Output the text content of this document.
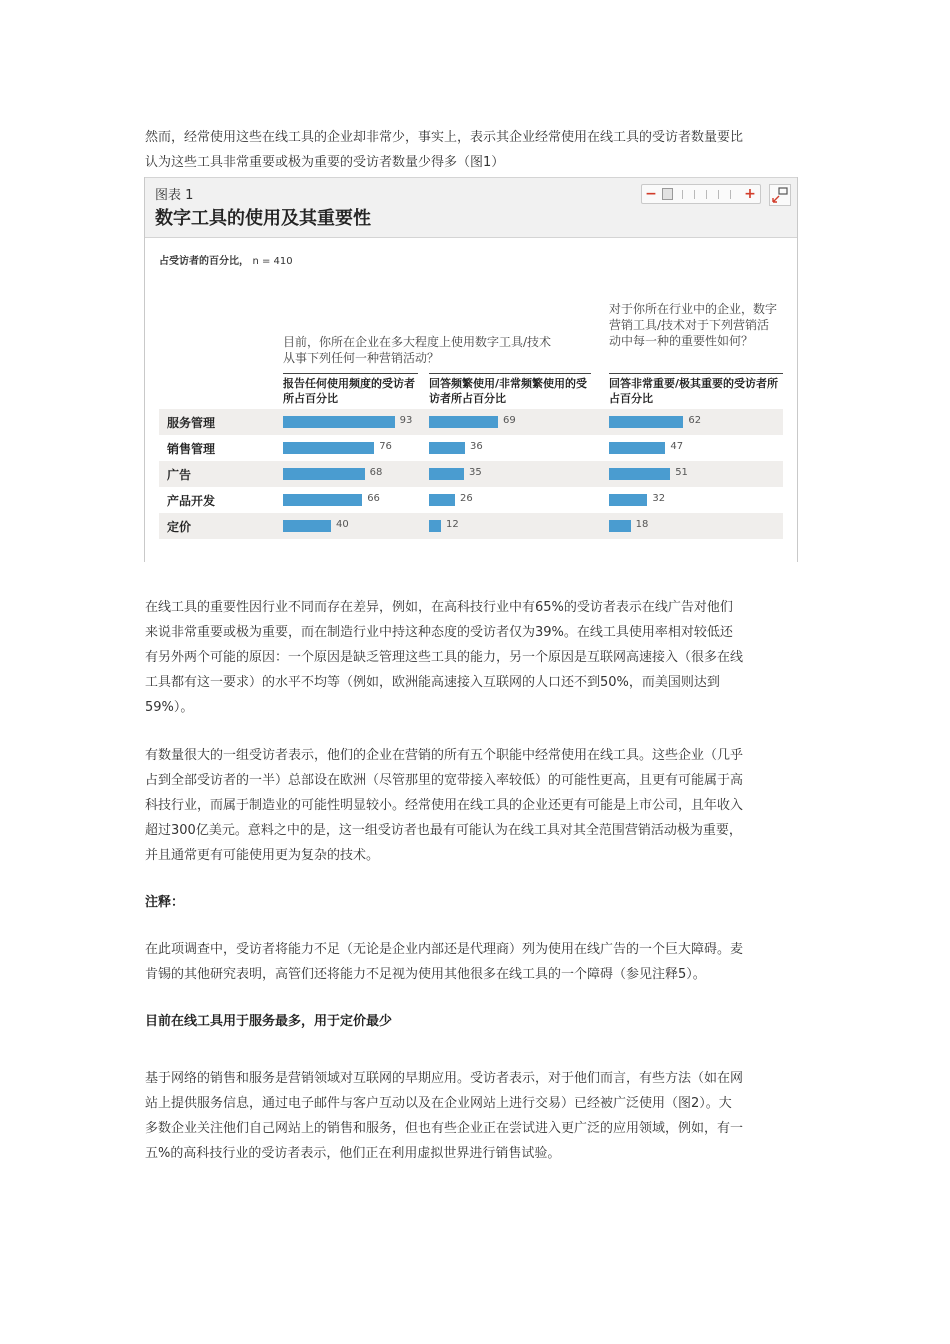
然而，经常使用这些在线工具的企业却非常少，事实上，表示其企业经常使用在线工具的受访者数量要比
认为这些工具非常重要或极为重要的受访者数量少得多（图1）

图表 1
数字工具的使用及其重要性
−	+
占受访者的百分比， n = 410
目前，你所在企业在多大程度上使用数字工具/技术从事下列任何一种营销活动？
对于你所在行业中的企业，数字营销工具/技术对于下列营销活动中每一种的重要性如何？
报告任何使用频度的受访者所占百分比
回答频繁使用/非常频繁使用的受访者所占百分比
回答非常重要/极其重要的受访者所占百分比
服务管理	93	69	62
销售管理	76	36	47
广告	68	35	51
产品开发	66	26	32
定价	40	12	18

在线工具的重要性因行业不同而存在差异，例如，在高科技行业中有65%的受访者表示在线广告对他们
来说非常重要或极为重要，而在制造行业中持这种态度的受访者仅为39%。在线工具使用率相对较低还
有另外两个可能的原因：一个原因是缺乏管理这些工具的能力，另一个原因是互联网高速接入（很多在线
工具都有这一要求）的水平不均等（例如，欧洲能高速接入互联网的人口还不到50%，而美国则达到
59%）。

有数量很大的一组受访者表示，他们的企业在营销的所有五个职能中经常使用在线工具。这些企业（几乎
占到全部受访者的一半）总部设在欧洲（尽管那里的宽带接入率较低）的可能性更高，且更有可能属于高
科技行业，而属于制造业的可能性明显较小。经常使用在线工具的企业还更有可能是上市公司，且年收入
超过300亿美元。意料之中的是，这一组受访者也最有可能认为在线工具对其全范围营销活动极为重要，
并且通常更有可能使用更为复杂的技术。

注释：

在此项调查中，受访者将能力不足（无论是企业内部还是代理商）列为使用在线广告的一个巨大障碍。麦
肯锡的其他研究表明，高管们还将能力不足视为使用其他很多在线工具的一个障碍（参见注释5）。

目前在线工具用于服务最多，用于定价最少

基于网络的销售和服务是营销领域对互联网的早期应用。受访者表示，对于他们而言，有些方法（如在网
站上提供服务信息，通过电子邮件与客户互动以及在企业网站上进行交易）已经被广泛使用（图2）。大
多数企业关注他们自己网站上的销售和服务，但也有些企业正在尝试进入更广泛的应用领域，例如，有一
五%的高科技行业的受访者表示，他们正在利用虚拟世界进行销售试验。
